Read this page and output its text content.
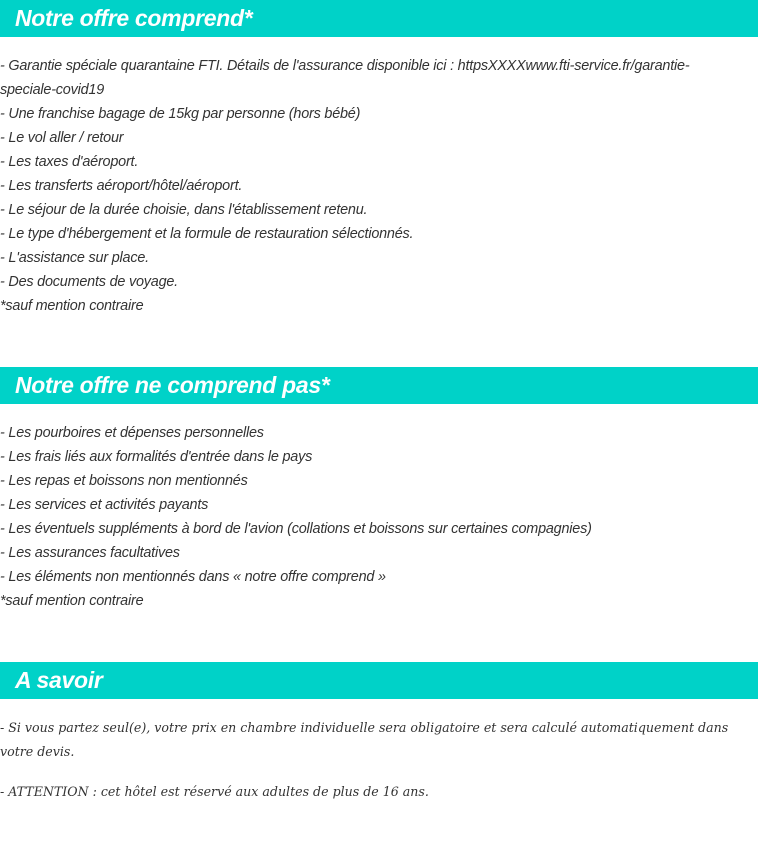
Notre offre comprend*
- Garantie spéciale quarantaine FTI. Détails de l'assurance disponible ici : httpsXXXXwww.fti-service.fr/garantie-speciale-covid19
- Une franchise bagage de 15kg par personne (hors bébé)
- Le vol aller / retour
- Les taxes d'aéroport.
- Les transferts aéroport/hôtel/aéroport.
- Le séjour de la durée choisie, dans l'établissement retenu.
- Le type d'hébergement et la formule de restauration sélectionnés.
- L'assistance sur place.
- Des documents de voyage.
*sauf mention contraire
Notre offre ne comprend pas*
- Les pourboires et dépenses personnelles
- Les frais liés aux formalités d'entrée dans le pays
- Les repas et boissons non mentionnés
- Les services et activités payants
- Les éventuels suppléments à bord de l'avion (collations et boissons sur certaines compagnies)
- Les assurances facultatives
- Les éléments non mentionnés dans « notre offre comprend »
*sauf mention contraire
A savoir

- Si vous partez seul(e), votre prix en chambre individuelle sera obligatoire et sera calculé automatiquement dans votre devis.

- ATTENTION : cet hôtel est réservé aux adultes de plus de 16 ans.
